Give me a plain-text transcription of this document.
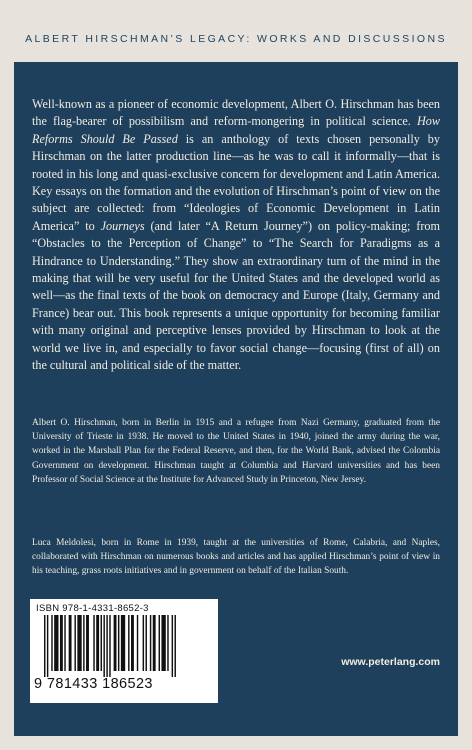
ALBERT HIRSCHMAN’S LEGACY: WORKS AND DISCUSSIONS

Well-known as a pioneer of economic development, Albert O. Hirschman has been the flag-bearer of possibilism and reform-mongering in political science. How Reforms Should Be Passed is an anthology of texts chosen personally by Hirschman on the latter production line—as he was to call it informally—that is rooted in his long and quasi-exclusive concern for development and Latin America. Key essays on the formation and the evolution of Hirschman’s point of view on the subject are collected: from “Ideologies of Economic Development in Latin America” to Journeys (and later “A Return Journey”) on policy-making; from “Obstacles to the Perception of Change” to “The Search for Paradigms as a Hindrance to Understanding.” They show an extraordinary turn of the mind in the making that will be very useful for the United States and the developed world as well—as the final texts of the book on democracy and Europe (Italy, Germany and France) bear out. This book represents a unique opportunity for becoming familiar with many original and perceptive lenses provided by Hirschman to look at the world we live in, and especially to favor social change—focusing (first of all) on the cultural and political side of the matter.

Albert O. Hirschman, born in Berlin in 1915 and a refugee from Nazi Germany, graduated from the University of Trieste in 1938. He moved to the United States in 1940, joined the army during the war, worked in the Marshall Plan for the Federal Reserve, and then, for the World Bank, advised the Colombia Government on development. Hirschman taught at Columbia and Harvard universities and has been Professor of Social Science at the Institute for Advanced Study in Princeton, New Jersey.

Luca Meldolesi, born in Rome in 1939, taught at the universities of Rome, Calabria, and Naples, collaborated with Hirschman on numerous books and articles and has applied Hirschman’s point of view in his teaching, grass roots initiatives and in government on behalf of the Italian South.

ISBN 978-1-4331-8652-3

9 781433 186523

www.peterlang.com
